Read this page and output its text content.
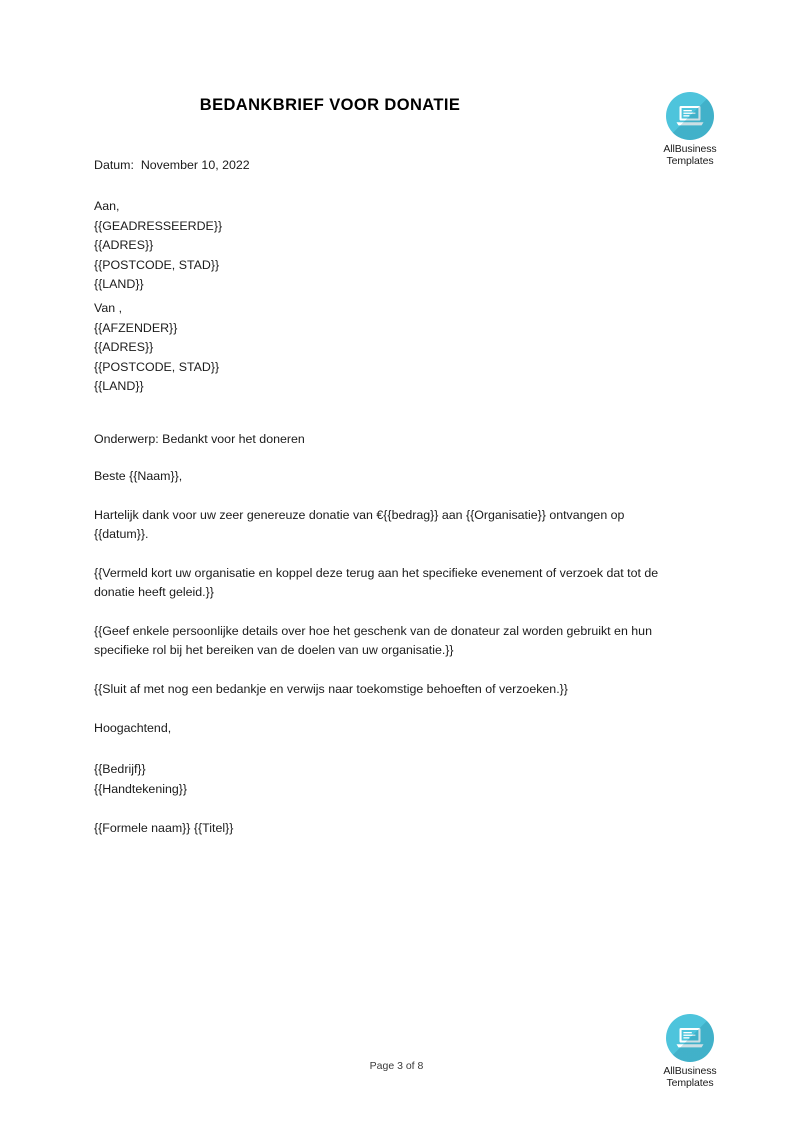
AllBusiness
Templates
BEDANKBRIEF VOOR DONATIE
Datum: November 10, 2022
Aan,
{{GEADRESSEERDE}}
{{ADRES}}
{{POSTCODE, STAD}}
{{LAND}}
Van ,
{{AFZENDER}}
{{ADRES}}
{{POSTCODE, STAD}}
{{LAND}}
Onderwerp: Bedankt voor het doneren
Beste {{Naam}},
Hartelijk dank voor uw zeer genereuze donatie van €{{bedrag}} aan {{Organisatie}} ontvangen op {{datum}}.
{{Vermeld kort uw organisatie en koppel deze terug aan het specifieke evenement of verzoek dat tot de donatie heeft geleid.}}
{{Geef enkele persoonlijke details over hoe het geschenk van de donateur zal worden gebruikt en hun specifieke rol bij het bereiken van de doelen van uw organisatie.}}
{{Sluit af met nog een bedankje en verwijs naar toekomstige behoeften of verzoeken.}}
Hoogachtend,
{{Bedrijf}}
{{Handtekening}}
{{Formele naam}} {{Titel}}
Page 3 of 8	AllBusiness
Templates
